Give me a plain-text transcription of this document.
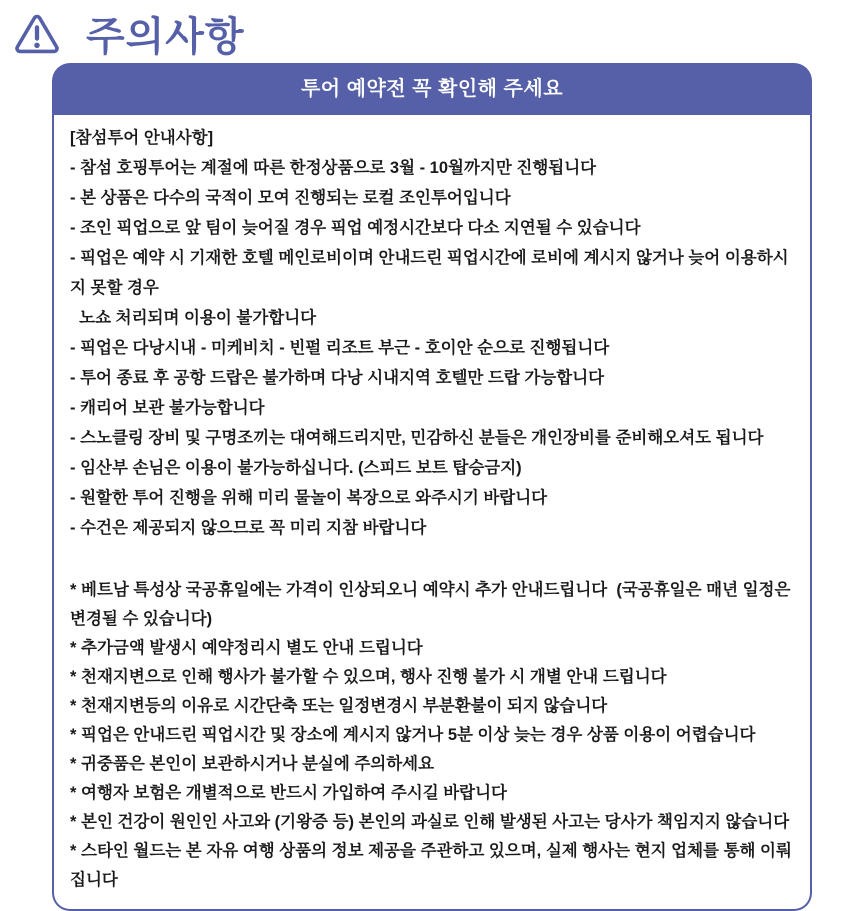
주의사항
투어 예약전 꼭 확인해 주세요
[참섬투어 안내사항]
- 참섬 호핑투어는 계절에 따른 한정상품으로 3월 - 10월까지만 진행됩니다
- 본 상품은 다수의 국적이 모여 진행되는 로컬 조인투어입니다
- 조인 픽업으로 앞 팀이 늦어질 경우 픽업 예정시간보다 다소 지연될 수 있습니다
- 픽업은 예약 시 기재한 호텔 메인로비이며 안내드린 픽업시간에 로비에 계시지 않거나 늦어 이용하시지 못할 경우
노쇼 처리되며 이용이 불가합니다
- 픽업은 다낭시내 - 미케비치 - 빈펄 리조트 부근 - 호이안 순으로 진행됩니다
- 투어 종료 후 공항 드랍은 불가하며 다낭 시내지역 호텔만 드랍 가능합니다
- 캐리어 보관 불가능합니다
- 스노클링 장비 및 구명조끼는 대여해드리지만, 민감하신 분들은 개인장비를 준비해오셔도 됩니다
- 임산부 손님은 이용이 불가능하십니다. (스피드 보트 탑승금지)
- 원할한 투어 진행을 위해 미리 물놀이 복장으로 와주시기 바랍니다
- 수건은 제공되지 않으므로 꼭 미리 지참 바랍니다
* 베트남 특성상 국공휴일에는 가격이 인상되오니 예약시 추가 안내드립니다  (국공휴일은 매년 일정은 변경될 수 있습니다)
* 추가금액 발생시 예약정리시 별도 안내 드립니다
* 천재지변으로 인해 행사가 불가할 수 있으며, 행사 진행 불가 시 개별 안내 드립니다
* 천재지변등의 이유로 시간단축 또는 일정변경시 부분환불이 되지 않습니다
* 픽업은 안내드린 픽업시간 및 장소에 계시지 않거나 5분 이상 늦는 경우 상품 이용이 어렵습니다
* 귀중품은 본인이 보관하시거나 분실에 주의하세요
* 여행자 보험은 개별적으로 반드시 가입하여 주시길 바랍니다
* 본인 건강이 원인인 사고와 (기왕증 등) 본인의 과실로 인해 발생된 사고는 당사가 책임지지 않습니다
* 스타인 월드는 본 자유 여행 상품의 정보 제공을 주관하고 있으며, 실제 행사는 현지 업체를 통해 이뤄집니다
